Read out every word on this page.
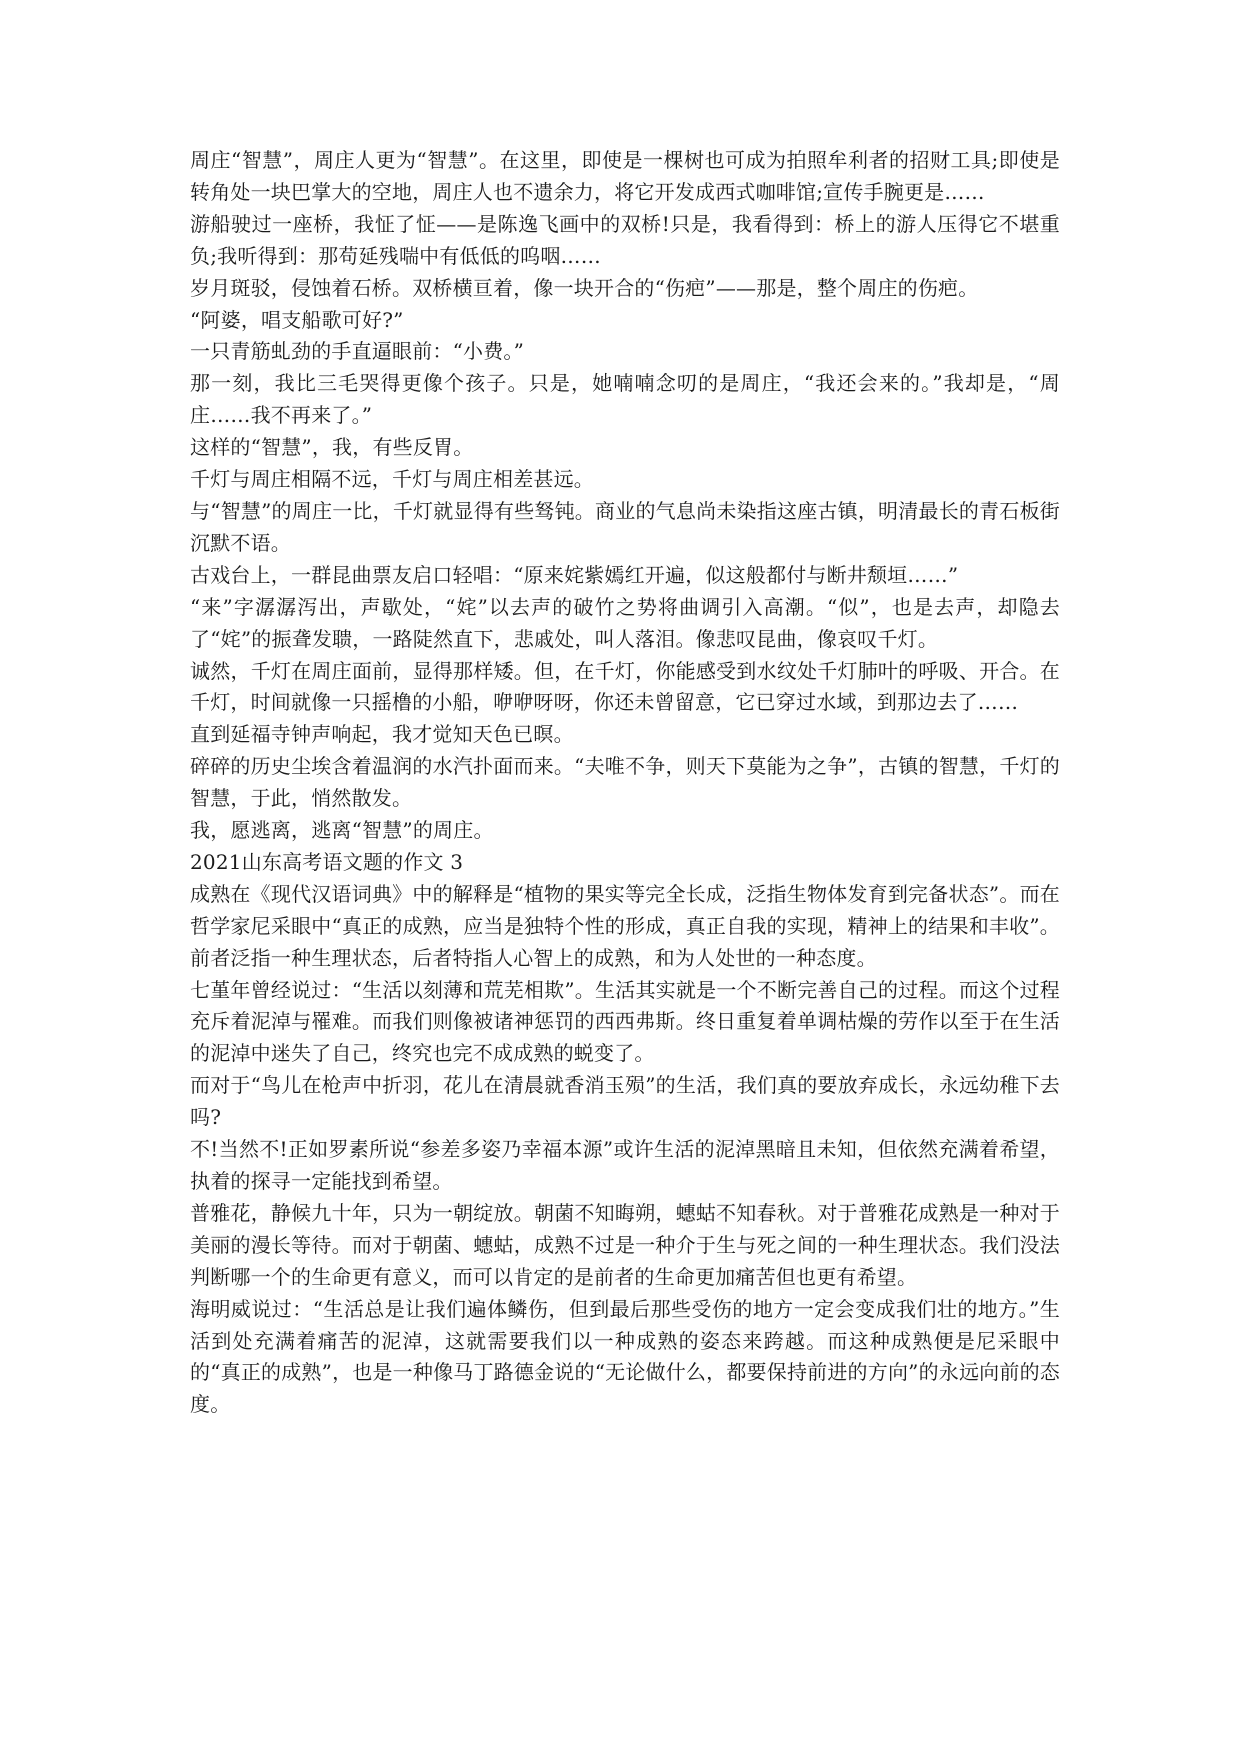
周庄“智慧”，周庄人更为“智慧”。在这里，即使是一棵树也可成为拍照牟利者的招财工具;即使是转角处一块巴掌大的空地，周庄人也不遗余力，将它开发成西式咖啡馆;宣传手腕更是……

游船驶过一座桥，我怔了怔——是陈逸飞画中的双桥!只是，我看得到：桥上的游人压得它不堪重负;我听得到：那苟延残喘中有低低的呜咽……

岁月斑驳，侵蚀着石桥。双桥横亘着，像一块开合的“伤疤”——那是，整个周庄的伤疤。

“阿婆，唱支船歌可好?”

一只青筋虬劲的手直逼眼前：“小费。”

那一刻，我比三毛哭得更像个孩子。只是，她喃喃念叨的是周庄，“我还会来的。”我却是，“周庄……我不再来了。”

这样的“智慧”，我，有些反胃。

千灯与周庄相隔不远，千灯与周庄相差甚远。

与“智慧”的周庄一比，千灯就显得有些驽钝。商业的气息尚未染指这座古镇，明清最长的青石板街沉默不语。

古戏台上，一群昆曲票友启口轻唱：“原来姹紫嫣红开遍，似这般都付与断井颓垣……”

“来”字潺潺泻出，声歇处，“姹”以去声的破竹之势将曲调引入高潮。“似”，也是去声，却隐去了“姹”的振聋发聩，一路陡然直下，悲戚处，叫人落泪。像悲叹昆曲，像哀叹千灯。

诚然，千灯在周庄面前，显得那样矮。但，在千灯，你能感受到水纹处千灯肺叶的呼吸、开合。在千灯，时间就像一只摇橹的小船，咿咿呀呀，你还未曾留意，它已穿过水域，到那边去了……

直到延福寺钟声响起，我才觉知天色已暝。

碎碎的历史尘埃含着温润的水汽扑面而来。“夫唯不争，则天下莫能为之争”，古镇的智慧，千灯的智慧，于此，悄然散发。

我，愿逃离，逃离“智慧”的周庄。

2021山东高考语文题的作文 3

成熟在《现代汉语词典》中的解释是“植物的果实等完全长成，泛指生物体发育到完备状态”。而在哲学家尼采眼中“真正的成熟，应当是独特个性的形成，真正自我的实现，精神上的结果和丰收”。前者泛指一种生理状态，后者特指人心智上的成熟，和为人处世的一种态度。

七堇年曾经说过：“生活以刻薄和荒芜相欺”。生活其实就是一个不断完善自己的过程。而这个过程充斥着泥淖与罹难。而我们则像被诸神惩罚的西西弗斯。终日重复着单调枯燥的劳作以至于在生活的泥淖中迷失了自己，终究也完不成成熟的蜕变了。

而对于“鸟儿在枪声中折羽，花儿在清晨就香消玉殒”的生活，我们真的要放弃成长，永远幼稚下去吗?

不!当然不!正如罗素所说“参差多姿乃幸福本源”或许生活的泥淖黑暗且未知，但依然充满着希望，执着的探寻一定能找到希望。

普雅花，静候九十年，只为一朝绽放。朝菌不知晦朔，蟪蛄不知春秋。对于普雅花成熟是一种对于美丽的漫长等待。而对于朝菌、蟪蛄，成熟不过是一种介于生与死之间的一种生理状态。我们没法判断哪一个的生命更有意义，而可以肯定的是前者的生命更加痛苦但也更有希望。

海明威说过：“生活总是让我们遍体鳞伤，但到最后那些受伤的地方一定会变成我们壮的地方。”生活到处充满着痛苦的泥淖，这就需要我们以一种成熟的姿态来跨越。而这种成熟便是尼采眼中的“真正的成熟”，也是一种像马丁路德金说的“无论做什么，都要保持前进的方向”的永远向前的态度。
